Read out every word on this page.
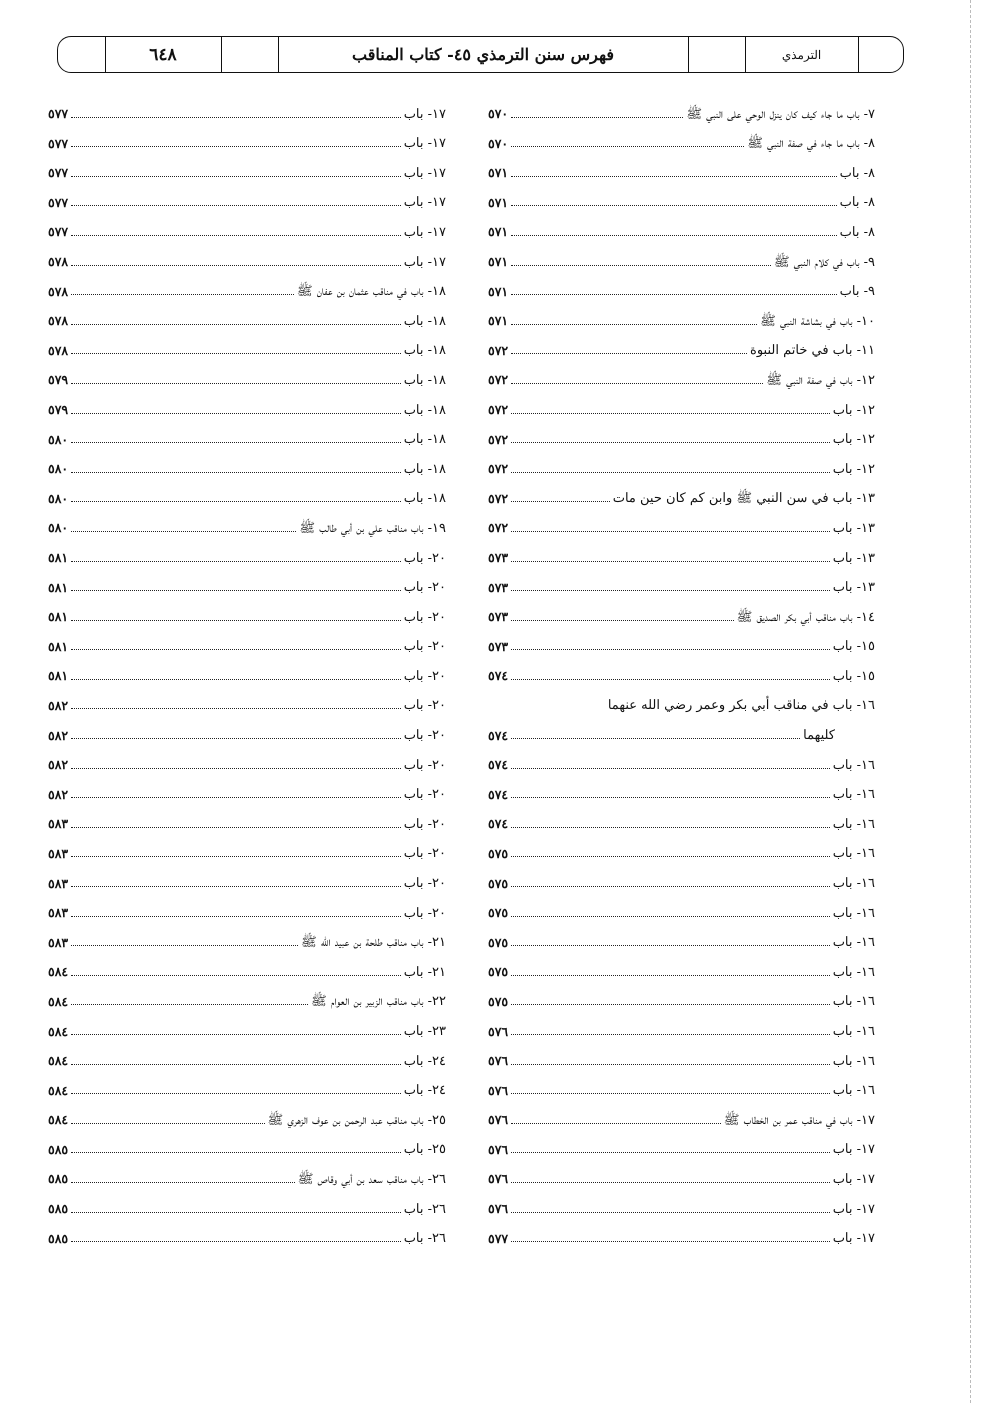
٦٤٨	فهرس سنن الترمذي ٤٥- كتاب المناقب	الترمذي
٧- باب ما جاء كيف كان ينزل الوحي على النبي ﷺ
٥٧٠
٨- باب ما جاء في صفة النبي ﷺ
٥٧٠
٨- باب
٥٧١
٨- باب
٥٧١
٨- باب
٥٧١
٩- باب في كلام النبي ﷺ
٥٧١
٩- باب
٥٧١
١٠- باب في بشاشة النبي ﷺ
٥٧١
١١- باب في خاتم النبوة
٥٧٢
١٢- باب في صفة النبي ﷺ
٥٧٢
١٢- باب
٥٧٢
١٢- باب
٥٧٢
١٢- باب
٥٧٢
١٣- باب في سن النبي ﷺ وابن كم كان حين مات
٥٧٢
١٣- باب
٥٧٢
١٣- باب
٥٧٣
١٣- باب
٥٧٣
١٤- باب مناقب أبي بكر الصديق ﷺ
٥٧٣
١٥- باب
٥٧٣
١٥- باب
٥٧٤
١٦- باب في مناقب أبي بكر وعمر رضي الله عنهما
كليهما
٥٧٤
١٦- باب
٥٧٤
١٦- باب
٥٧٤
١٦- باب
٥٧٤
١٦- باب
٥٧٥
١٦- باب
٥٧٥
١٦- باب
٥٧٥
١٦- باب
٥٧٥
١٦- باب
٥٧٥
١٦- باب
٥٧٥
١٦- باب
٥٧٦
١٦- باب
٥٧٦
١٦- باب
٥٧٦
١٧- باب في مناقب عمر بن الخطاب ﷺ
٥٧٦
١٧- باب
٥٧٦
١٧- باب
٥٧٦
١٧- باب
٥٧٦
١٧- باب
٥٧٧
١٧- باب
٥٧٧
١٧- باب
٥٧٧
١٧- باب
٥٧٧
١٧- باب
٥٧٧
١٧- باب
٥٧٧
١٧- باب
٥٧٨
١٨- باب في مناقب عثمان بن عفان ﷺ
٥٧٨
١٨- باب
٥٧٨
١٨- باب
٥٧٨
١٨- باب
٥٧٩
١٨- باب
٥٧٩
١٨- باب
٥٨٠
١٨- باب
٥٨٠
١٨- باب
٥٨٠
١٩- باب مناقب علي بن أبي طالب ﷺ
٥٨٠
٢٠- باب
٥٨١
٢٠- باب
٥٨١
٢٠- باب
٥٨١
٢٠- باب
٥٨١
٢٠- باب
٥٨١
٢٠- باب
٥٨٢
٢٠- باب
٥٨٢
٢٠- باب
٥٨٢
٢٠- باب
٥٨٢
٢٠- باب
٥٨٣
٢٠- باب
٥٨٣
٢٠- باب
٥٨٣
٢٠- باب
٥٨٣
٢١- باب مناقب طلحة بن عبيد الله ﷺ
٥٨٣
٢١- باب
٥٨٤
٢٢- باب مناقب الزبير بن العوام ﷺ
٥٨٤
٢٣- باب
٥٨٤
٢٤- باب
٥٨٤
٢٤- باب
٥٨٤
٢٥- باب مناقب عبد الرحمن بن عوف الزهري ﷺ
٥٨٤
٢٥- باب
٥٨٥
٢٦- باب مناقب سعد بن أبي وقاص ﷺ
٥٨٥
٢٦- باب
٥٨٥
٢٦- باب
٥٨٥
